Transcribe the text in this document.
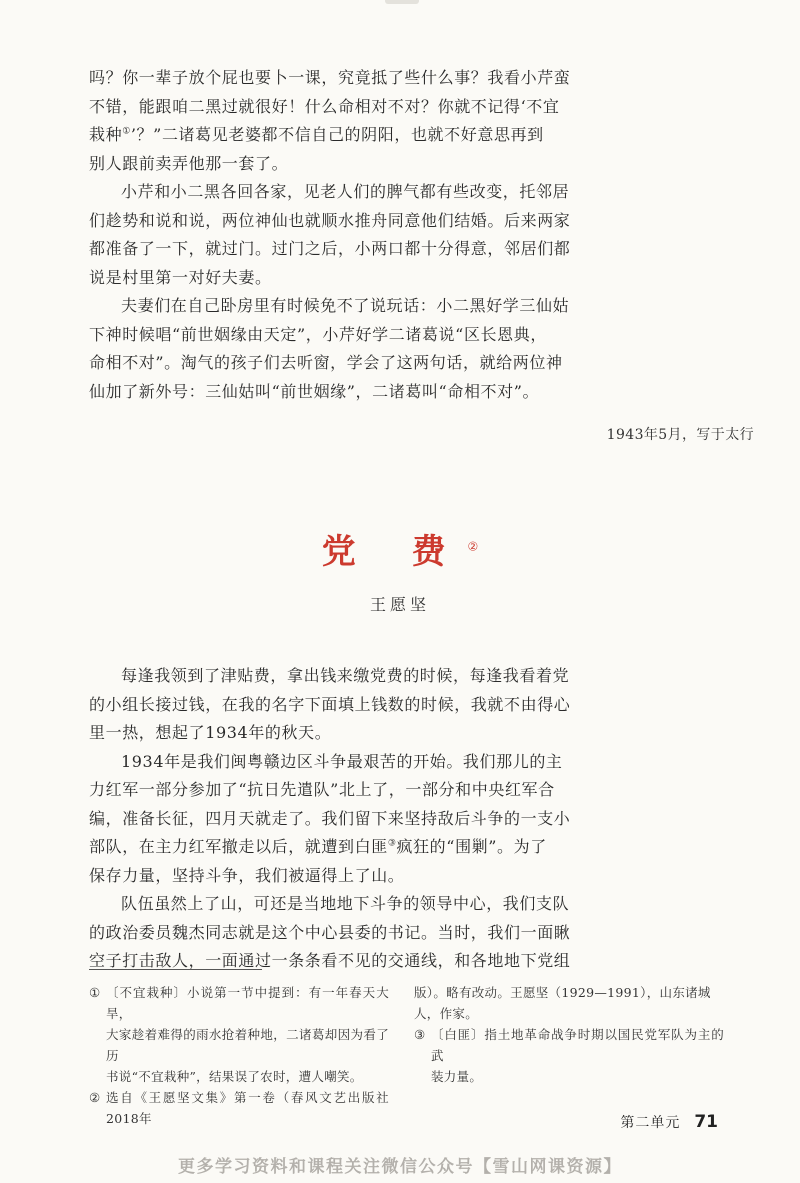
吗？你一辈子放个屁也要卜一课，究竟抵了些什么事？我看小芹蛮
不错，能跟咱二黑过就很好！什么命相对不对？你就不记得‘不宜
栽种①’？”二诸葛见老婆都不信自己的阴阳，也就不好意思再到
别人跟前卖弄他那一套了。

小芹和小二黑各回各家，见老人们的脾气都有些改变，托邻居
们趁势和说和说，两位神仙也就顺水推舟同意他们结婚。后来两家
都准备了一下，就过门。过门之后，小两口都十分得意，邻居们都
说是村里第一对好夫妻。

夫妻们在自己卧房里有时候免不了说玩话：小二黑好学三仙姑
下神时候唱“前世姻缘由天定”，小芹好学二诸葛说“区长恩典，
命相不对”。淘气的孩子们去听窗，学会了这两句话，就给两位神
仙加了新外号：三仙姑叫“前世姻缘”，二诸葛叫“命相不对”。

1943年5月，写于太行
党 费②
王愿坚

每逢我领到了津贴费，拿出钱来缴党费的时候，每逢我看着党
的小组长接过钱，在我的名字下面填上钱数的时候，我就不由得心
里一热，想起了1934年的秋天。

1934年是我们闽粤赣边区斗争最艰苦的开始。我们那儿的主
力红军一部分参加了“抗日先遣队”北上了，一部分和中央红军合
编，准备长征，四月天就走了。我们留下来坚持敌后斗争的一支小
部队，在主力红军撤走以后，就遭到白匪③疯狂的“围剿”。为了
保存力量，坚持斗争，我们被逼得上了山。

队伍虽然上了山，可还是当地地下斗争的领导中心，我们支队
的政治委员魏杰同志就是这个中心县委的书记。当时，我们一面瞅
空子打击敌人，一面通过一条条看不见的交通线，和各地地下党组

① 〔不宜栽种〕小说第一节中提到：有一年春天大旱，
大家趁着难得的雨水抢着种地，二诸葛却因为看了历
书说“不宜栽种”，结果误了农时，遭人嘲笑。
② 选自《王愿坚文集》第一卷（春风文艺出版社2018年

版）。略有改动。王愿坚（1929—1991），山东诸城
人，作家。

③ 〔白匪〕指土地革命战争时期以国民党军队为主的武
装力量。
第二单元 71
更多学习资料和课程关注微信公众号【雪山网课资源】
